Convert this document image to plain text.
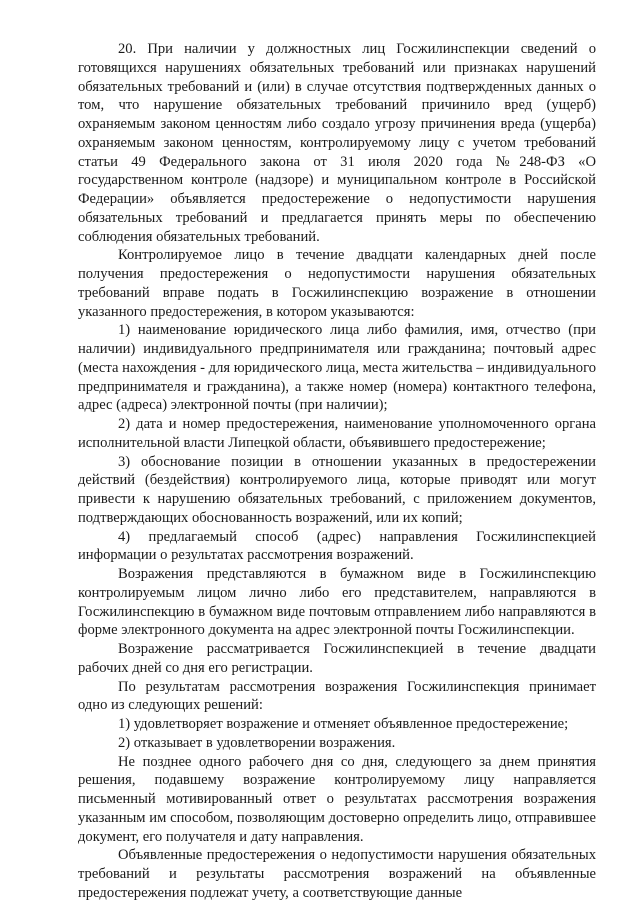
20. При наличии у должностных лиц Госжилинспекции сведений о готовящихся нарушениях обязательных требований или признаках нарушений обязательных требований и (или) в случае отсутствия подтвержденных данных о том, что нарушение обязательных требований причинило вред (ущерб) охраняемым законом ценностям либо создало угрозу причинения вреда (ущерба) охраняемым законом ценностям, контролируемому лицу с учетом требований статьи 49 Федерального закона от 31 июля 2020 года №248-ФЗ «О государственном контроле (надзоре) и муниципальном контроле в Российской Федерации» объявляется предостережение о недопустимости нарушения обязательных требований и предлагается принять меры по обеспечению соблюдения обязательных требований.

Контролируемое лицо в течение двадцати календарных дней после получения предостережения о недопустимости нарушения обязательных требований вправе подать в Госжилинспекцию возражение в отношении указанного предостережения, в котором указываются:

1) наименование юридического лица либо фамилия, имя, отчество (при наличии) индивидуального предпринимателя или гражданина; почтовый адрес (места нахождения - для юридического лица, места жительства – индивидуального предпринимателя и гражданина), а также номер (номера) контактного телефона, адрес (адреса) электронной почты (при наличии);

2) дата и номер предостережения, наименование уполномоченного органа исполнительной власти Липецкой области, объявившего предостережение;

3) обоснование позиции в отношении указанных в предостережении действий (бездействия) контролируемого лица, которые приводят или могут привести к нарушению обязательных требований, с приложением документов, подтверждающих обоснованность возражений, или их копий;

4) предлагаемый способ (адрес) направления Госжилинспекцией информации о результатах рассмотрения возражений.

Возражения представляются в бумажном виде в Госжилинспекцию контролируемым лицом лично либо его представителем, направляются в Госжилинспекцию в бумажном виде почтовым отправлением либо направляются в форме электронного документа на адрес электронной почты Госжилинспекции.

Возражение рассматривается Госжилинспекцией в течение двадцати рабочих дней со дня его регистрации.

По результатам рассмотрения возражения Госжилинспекция принимает одно из следующих решений:

1) удовлетворяет возражение и отменяет объявленное предостережение;

2) отказывает в удовлетворении возражения.

Не позднее одного рабочего дня со дня, следующего за днем принятия решения, подавшему возражение контролируемому лицу направляется письменный мотивированный ответ о результатах рассмотрения возражения указанным им способом, позволяющим достоверно определить лицо, отправившее документ, его получателя и дату направления.

Объявленные предостережения о недопустимости нарушения обязательных требований и результаты рассмотрения возражений на объявленные предостережения подлежат учету, а соответствующие данные
